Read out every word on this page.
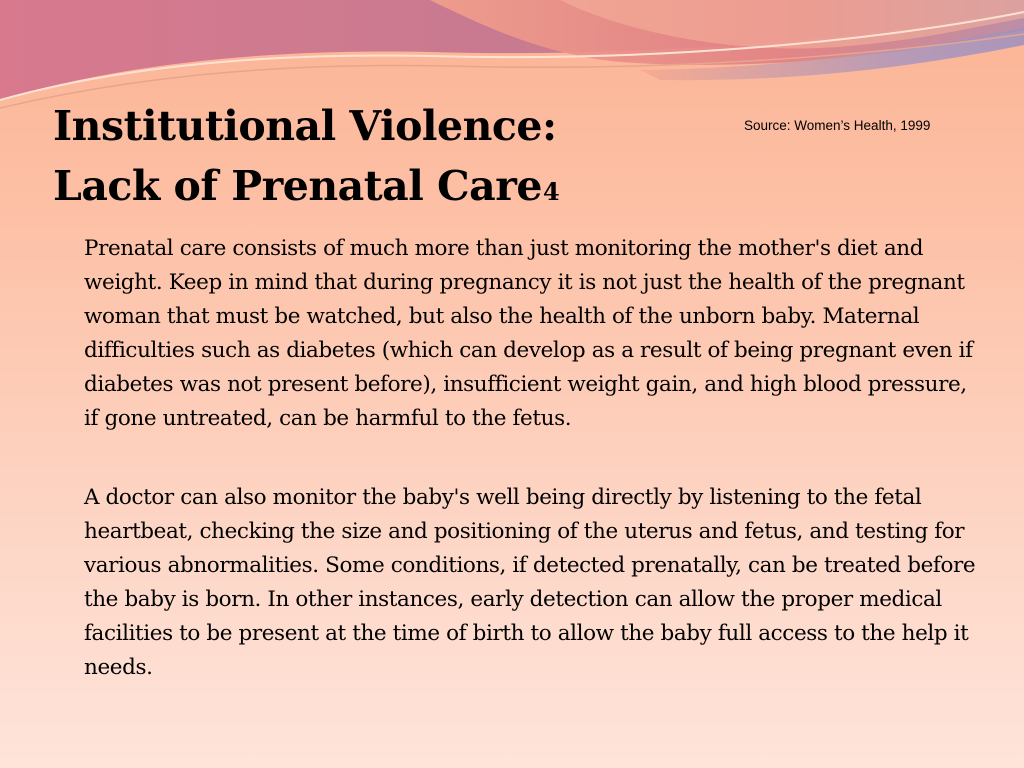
Institutional Violence:
Lack of Prenatal Care$^4$
Source: Women’s Health, 1999

Prenatal care consists of much more than just monitoring the mother's diet and weight. Keep in mind that during pregnancy it is not just the health of the pregnant woman that must be watched, but also the health of the unborn baby. Maternal difficulties such as diabetes (which can develop as a result of being pregnant even if diabetes was not present before), insufficient weight gain, and high blood pressure, if gone untreated, can be harmful to the fetus.

A doctor can also monitor the baby's well being directly by listening to the fetal heartbeat, checking the size and positioning of the uterus and fetus, and testing for various abnormalities. Some conditions, if detected prenatally, can be treated before the baby is born. In other instances, early detection can allow the proper medical facilities to be present at the time of birth to allow the baby full access to the help it needs.
